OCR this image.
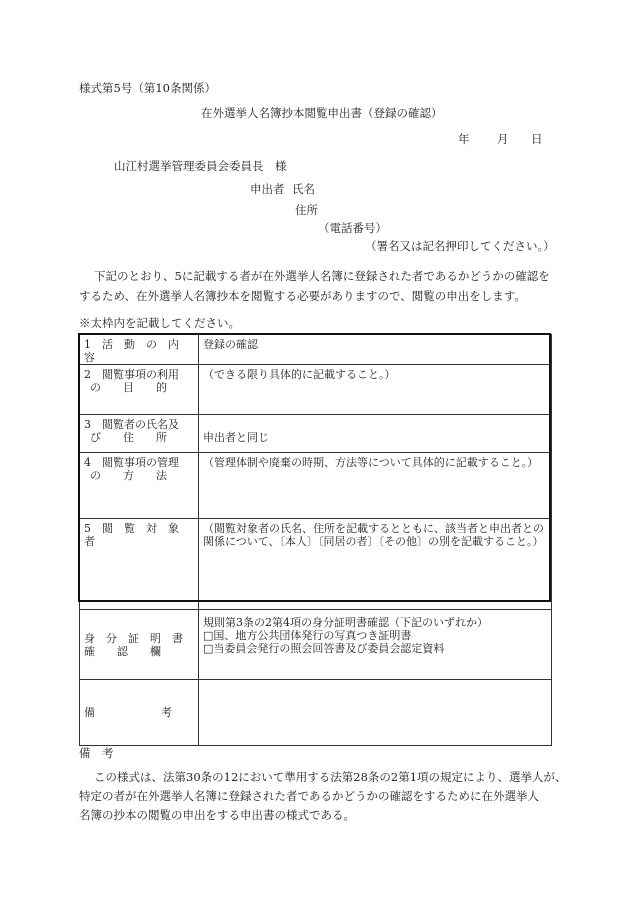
様式第5号（第10条関係）
在外選挙人名簿抄本閲覧申出書（登録の確認）
年 月 日
山江村選挙管理委員会委員長　様
申出者 氏名
住所
（電話番号）
（署名又は記名押印してください。）
下記のとおり、5に記載する者が在外選挙人名簿に登録された者であるかどうかの確認を
するため、在外選挙人名簿抄本を閲覧する必要がありますので、閲覧の申出をします。
※太枠内を記載してください。
1　活　動　の　内　容	登録の確認

2　閲覧事項の利用
の　　目　　的	（できる限り具体的に記載すること。）

3　閲覧者の氏名及
び　　住　　所	申出者と同じ

4　閲覧事項の管理
の　　方　　法	（管理体制や廃棄の時期、方法等について具体的に記載すること。）

5　閲　覧　対　象　者	（閲覧対象者の氏名、住所を記載するとともに、該当者と申出者との関係について、〔本人〕〔同居の者〕〔その他〕の別を記載すること。）

身　分　証　明　書
確　　認　　欄	規則第3条の2第4項の身分証明書確認（下記のいずれか）
□国、地方公共団体発行の写真つき証明書
□当委員会発行の照会回答書及び委員会認定資料

備　　　　　　考	

備　考
この様式は、法第30条の12において準用する法第28条の2第1項の規定により、選挙人が、
特定の者が在外選挙人名簿に登録された者であるかどうかの確認をするために在外選挙人
名簿の抄本の閲覧の申出をする申出書の様式である。
